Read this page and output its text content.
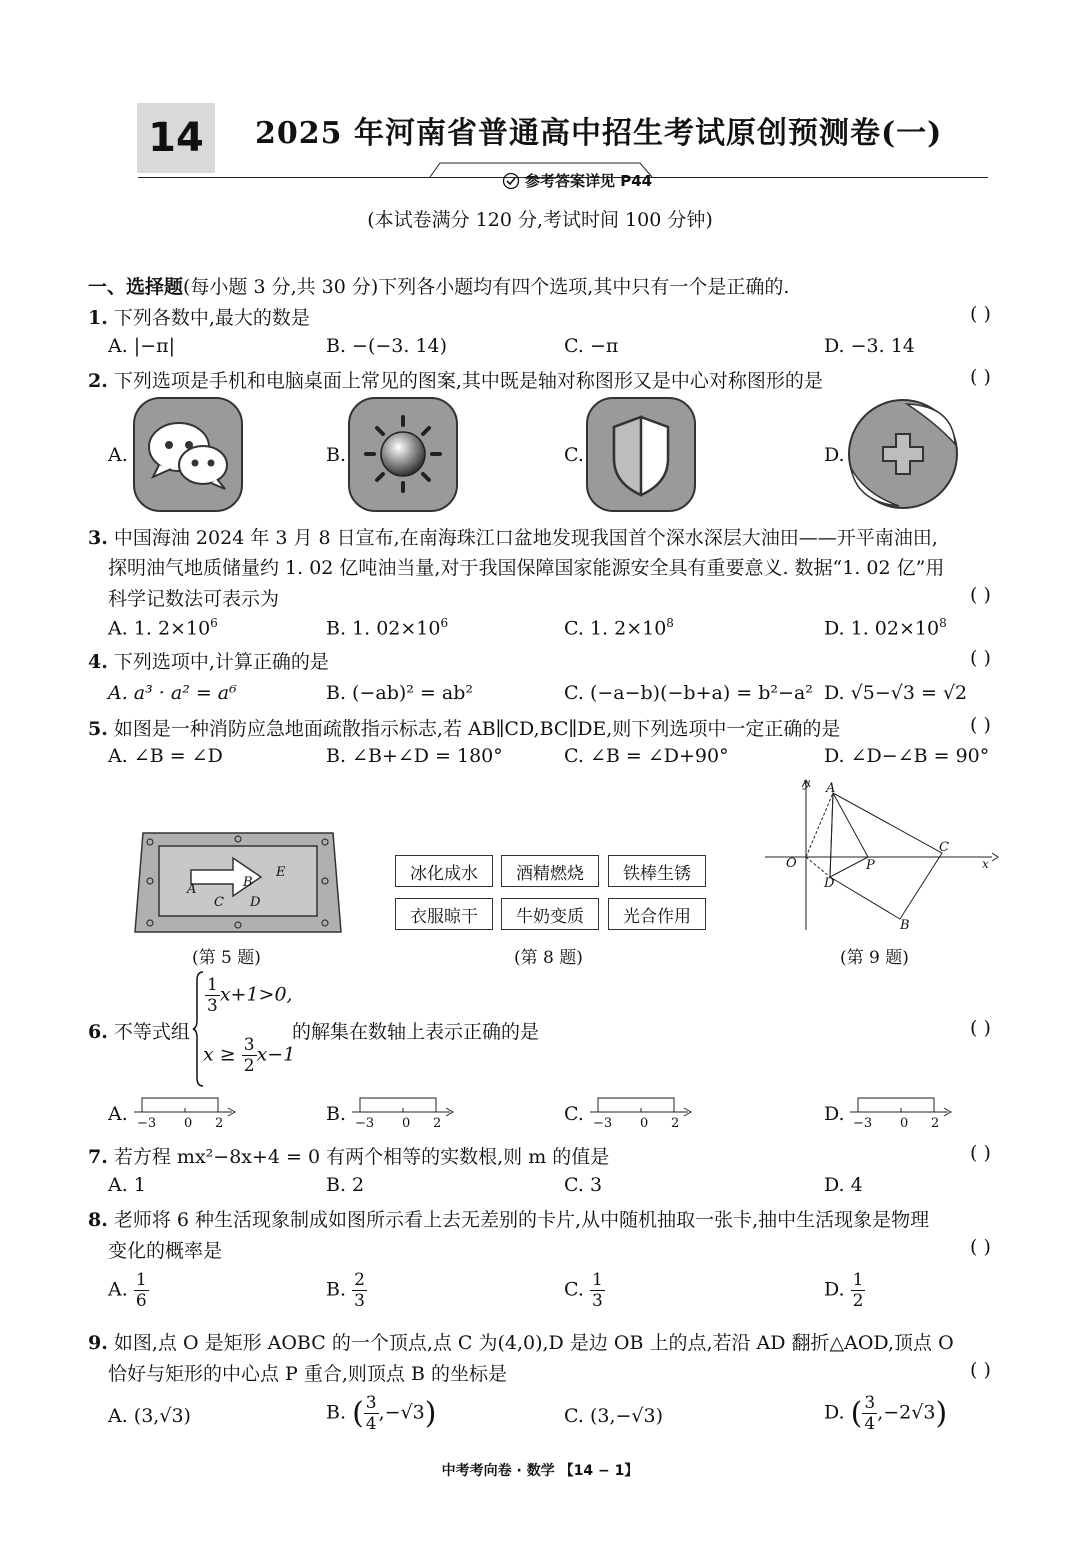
14	2025 年河南省普通高中招生考试原创预测卷(一)
参考答案详见 P44
(本试卷满分 120 分,考试时间 100 分钟)
一、选择题(每小题 3 分,共 30 分)下列各小题均有四个选项,其中只有一个是正确的.
1. 下列各数中,最大的数是	( )
A. |−π|	B. −(−3. 14)	C. −π	D. −3. 14
2. 下列选项是手机和电脑桌面上常见的图案,其中既是轴对称图形又是中心对称图形的是	( )
A.	B.	C.	D.
3. 中国海油 2024 年 3 月 8 日宣布,在南海珠江口盆地发现我国首个深水深层大油田——开平南油田,
探明油气地质储量约 1. 02 亿吨油当量,对于我国保障国家能源安全具有重要意义. 数据“1. 02 亿”用
科学记数法可表示为	( )
A. 1. $2\times 10^6$	B. 1. $02\times 10^6$	C. 1. $2\times 10^8$	D. 1. $02\times 10^8$
4. 下列选项中,计算正确的是	( )
A. a³ · a² = a⁶	B. (−ab)² = ab²	C. (−a−b)(−b+a) = b²−a² D. √5−√3 = √2
5. 如图是一种消防应急地面疏散指示标志,若 AB∥CD,BC∥DE,则下列选项中一定正确的是	( )
A. ∠B = ∠D	B. ∠B+∠D = 180°	C. ∠B = ∠D+90°	D. ∠D−∠B = 90°
A	B
C D
E
(第 5 题)
冰化成水	酒精燃烧	铁棒生锈
衣服晾干	牛奶变质	光合作用
(第 8 题)
y
x
O
A
C
P
D
B
(第 9 题)
6. 不等式组
$\frac{1}{3} x+1>0$,
$x \ge \frac{3}{2} x-1$
的解集在数轴上表示正确的是	( )
A.	B.	C.	D.
−3 0 2	−3 0 2	−3 0 2	−3 0 2
7. 若方程 mx²−8x+4 = 0 有两个相等的实数根,则 m 的值是	( )
A. 1	B. 2	C. 3	D. 4
8. 老师将 6 种生活现象制成如图所示看上去无差别的卡片,从中随机抽取一张卡,抽中生活现象是物理
变化的概率是	( )
A. $\frac{1}{6}$	B. $\frac{2}{3}$	C. $\frac{1}{3}$	D. $\frac{1}{2}$
9. 如图,点 O 是矩形 AOBC 的一个顶点,点 C 为(4,0),D 是边 OB 上的点,若沿 AD 翻折△AOD,顶点 O
恰好与矩形的中心点 P 重合,则顶点 B 的坐标是	( )
A. (3,√3)	B. ( $\frac{3}{4} ,-√3$)	C. (3,−√3)	D. ( $\frac{3}{4} ,-2√3$)
中考考向卷 · 数学 【14 − 1】
